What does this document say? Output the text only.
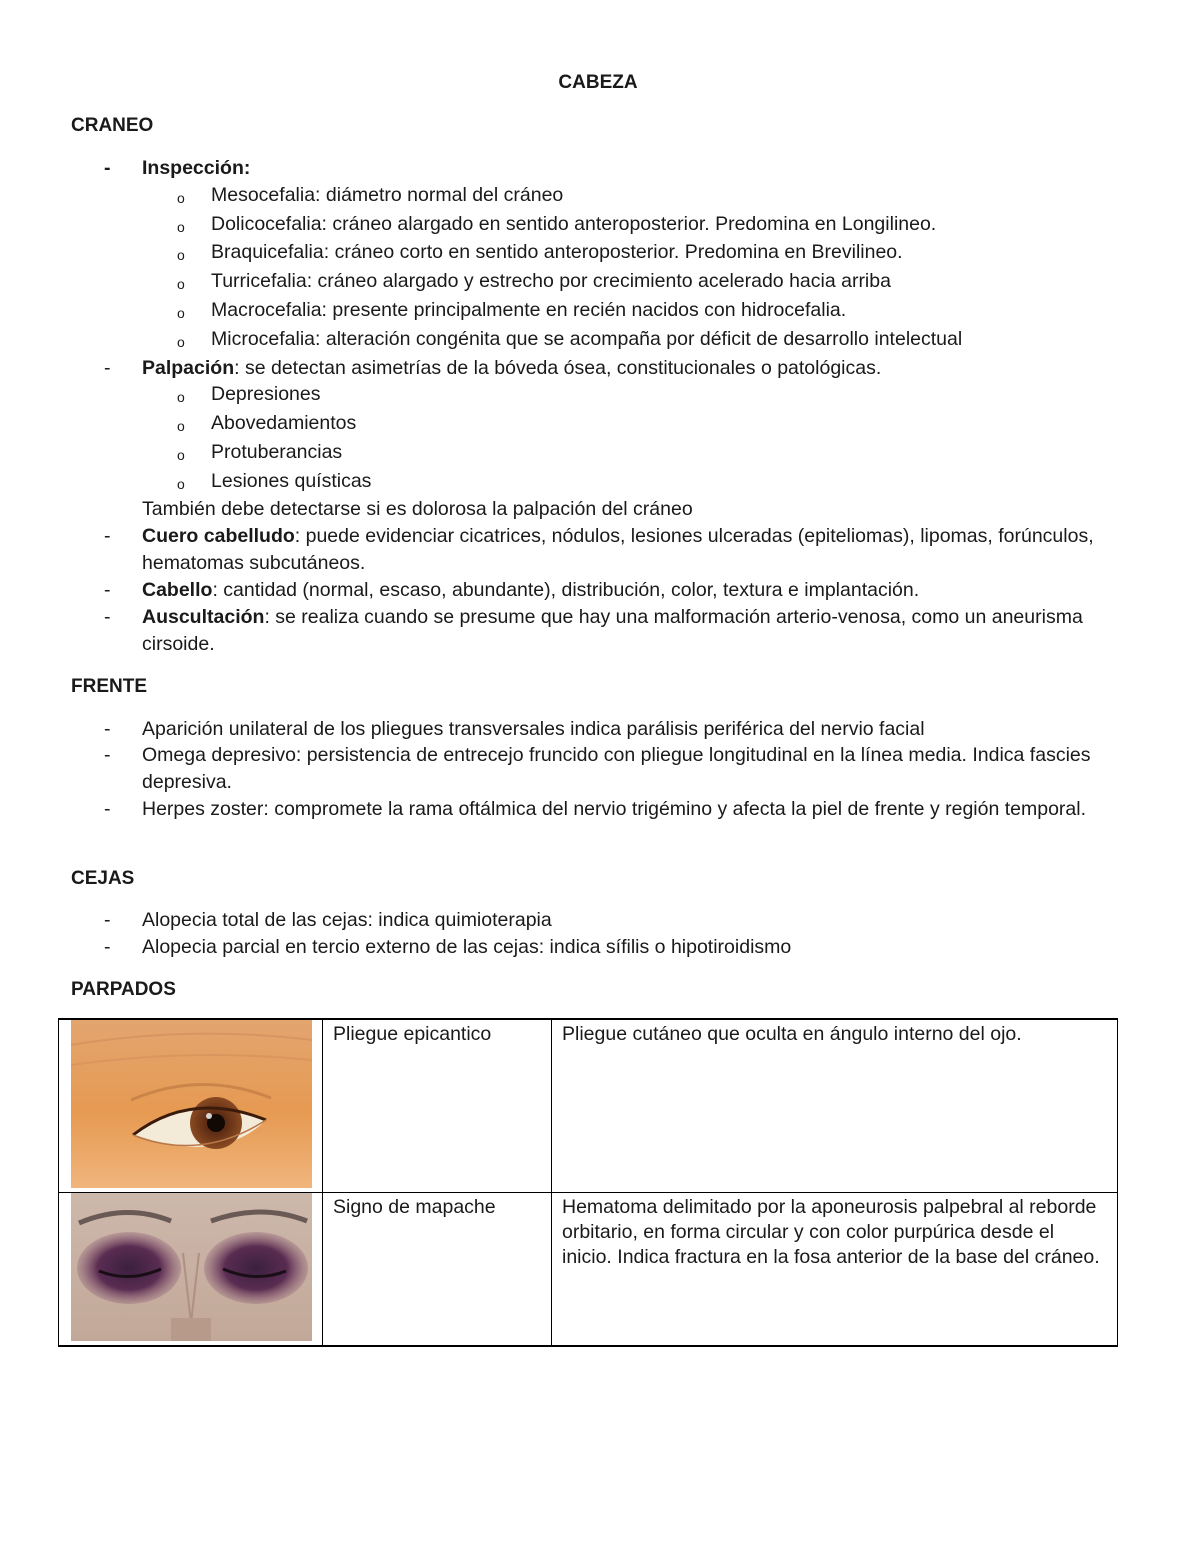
CABEZA
CRANEO
- Inspección:
o Mesocefalia: diámetro normal del cráneo
o Dolicocefalia: cráneo alargado en sentido anteroposterior. Predomina en Longilineo.
o Braquicefalia: cráneo corto en sentido anteroposterior. Predomina en Brevilineo.
o Turricefalia: cráneo alargado y estrecho por crecimiento acelerado hacia arriba
o Macrocefalia: presente principalmente en recién nacidos con hidrocefalia.
o Microcefalia: alteración congénita que se acompaña por déficit de desarrollo intelectual
- Palpación: se detectan asimetrías de la bóveda ósea, constitucionales o patológicas.
o Depresiones
o Abovedamientos
o Protuberancias
o Lesiones quísticas
También debe detectarse si es dolorosa la palpación del cráneo
- Cuero cabelludo: puede evidenciar cicatrices, nódulos, lesiones ulceradas (epiteliomas), lipomas, forúnculos, hematomas subcutáneos.
- Cabello: cantidad (normal, escaso, abundante), distribución, color, textura e implantación.
- Auscultación: se realiza cuando se presume que hay una malformación arterio-venosa, como un aneurisma cirsoide.
FRENTE
- Aparición unilateral de los pliegues transversales indica parálisis periférica del nervio facial
- Omega depresivo: persistencia de entrecejo fruncido con pliegue longitudinal en la línea media. Indica fascies depresiva.
- Herpes zoster: compromete la rama oftálmica del nervio trigémino y afecta la piel de frente y región temporal.
CEJAS
- Alopecia total de las cejas: indica quimioterapia
- Alopecia parcial en tercio externo de las cejas: indica sífilis o hipotiroidismo
PARPADOS
	Pliegue epicantico	Pliegue cutáneo que oculta en ángulo interno del ojo.

	Signo de mapache	Hematoma delimitado por la aponeurosis palpebral al reborde orbitario, en forma circular y con color purpúrica desde el inicio. Indica fractura en la fosa anterior de la base del cráneo.
